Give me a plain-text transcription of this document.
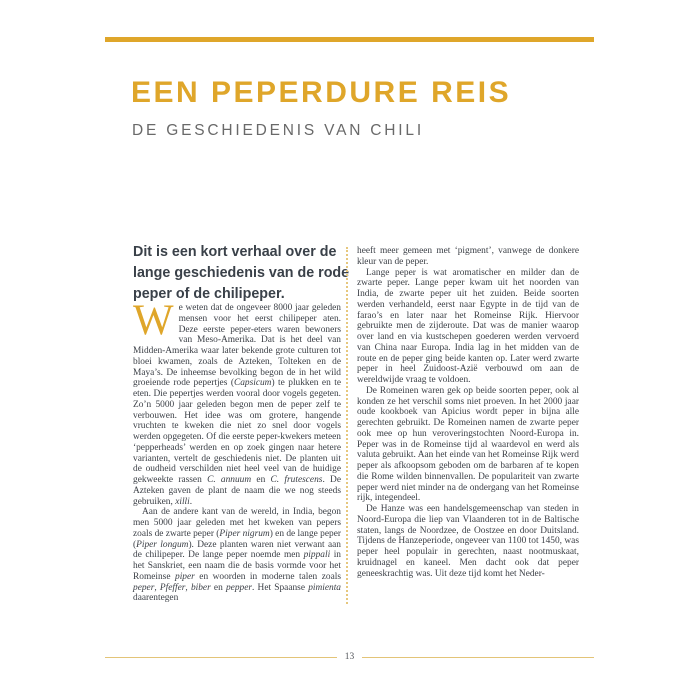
EEN PEPERDURE REIS
DE GESCHIEDENIS VAN CHILI
Dit is een kort verhaal over de lange geschiedenis van de rode peper of de chilipeper.

We weten dat de ongeveer 8000 jaar geleden mensen voor het eerst chilipeper aten. Deze eerste peper-eters waren bewoners van Meso-Amerika. Dat is het deel van Midden-Amerika waar later bekende grote culturen tot bloei kwamen, zoals de Azteken, Tolteken en de Maya’s. De inheemse bevolking begon de in het wild groeiende rode pepertjes (Capsicum) te plukken en te eten. Die pepertjes werden vooral door vogels gegeten. Zo’n 5000 jaar geleden begon men de peper zelf te verbouwen. Het idee was om grotere, hangende vruchten te kweken die niet zo snel door vogels werden opgegeten. Of die eerste peper-kwekers meteen ‘pepperheads’ werden en op zoek gingen naar hetere varianten, vertelt de geschiedenis niet. De planten uit de oudheid verschilden niet heel veel van de huidige gekweekte rassen C. annuum en C. frutescens. De Azteken gaven de plant de naam die we nog steeds gebruiken, xilli.

Aan de andere kant van de wereld, in India, begon men 5000 jaar geleden met het kweken van pepers zoals de zwarte peper (Piper nigrum) en de lange peper (Piper longum). Deze planten waren niet verwant aan de chilipeper. De lange peper noemde men pippali in het Sanskriet, een naam die de basis vormde voor het Romeinse piper en woorden in moderne talen zoals peper, Pfeffer, biber en pepper. Het Spaanse pimienta daarentegen

heeft meer gemeen met ‘pigment’, vanwege de donkere kleur van de peper.

Lange peper is wat aromatischer en milder dan de zwarte peper. Lange peper kwam uit het noorden van India, de zwarte peper uit het zuiden. Beide soorten werden verhandeld, eerst naar Egypte in de tijd van de farao’s en later naar het Romeinse Rijk. Hiervoor gebruikte men de zijderoute. Dat was de manier waarop over land en via kustschepen goederen werden vervoerd van China naar Europa. India lag in het midden van de route en de peper ging beide kanten op. Later werd zwarte peper in heel Zuidoost-Azië verbouwd om aan de wereldwijde vraag te voldoen.

De Romeinen waren gek op beide soorten peper, ook al konden ze het verschil soms niet proeven. In het 2000 jaar oude kookboek van Apicius wordt peper in bijna alle gerechten gebruikt. De Romeinen namen de zwarte peper ook mee op hun veroveringstochten Noord-Europa in. Peper was in de Romeinse tijd al waardevol en werd als valuta gebruikt. Aan het einde van het Romeinse Rijk werd peper als afkoopsom geboden om de barbaren af te kopen die Rome wilden binnenvallen. De populariteit van zwarte peper werd niet minder na de ondergang van het Romeinse rijk, integendeel.

De Hanze was een handelsgemeenschap van steden in Noord-Europa die liep van Vlaanderen tot in de Baltische staten, langs de Noordzee, de Oostzee en door Duitsland. Tijdens de Hanzeperiode, ongeveer van 1100 tot 1450, was peper heel populair in gerechten, naast nootmuskaat, kruidnagel en kaneel. Men dacht ook dat peper geneeskrachtig was. Uit deze tijd komt het Neder-

13
